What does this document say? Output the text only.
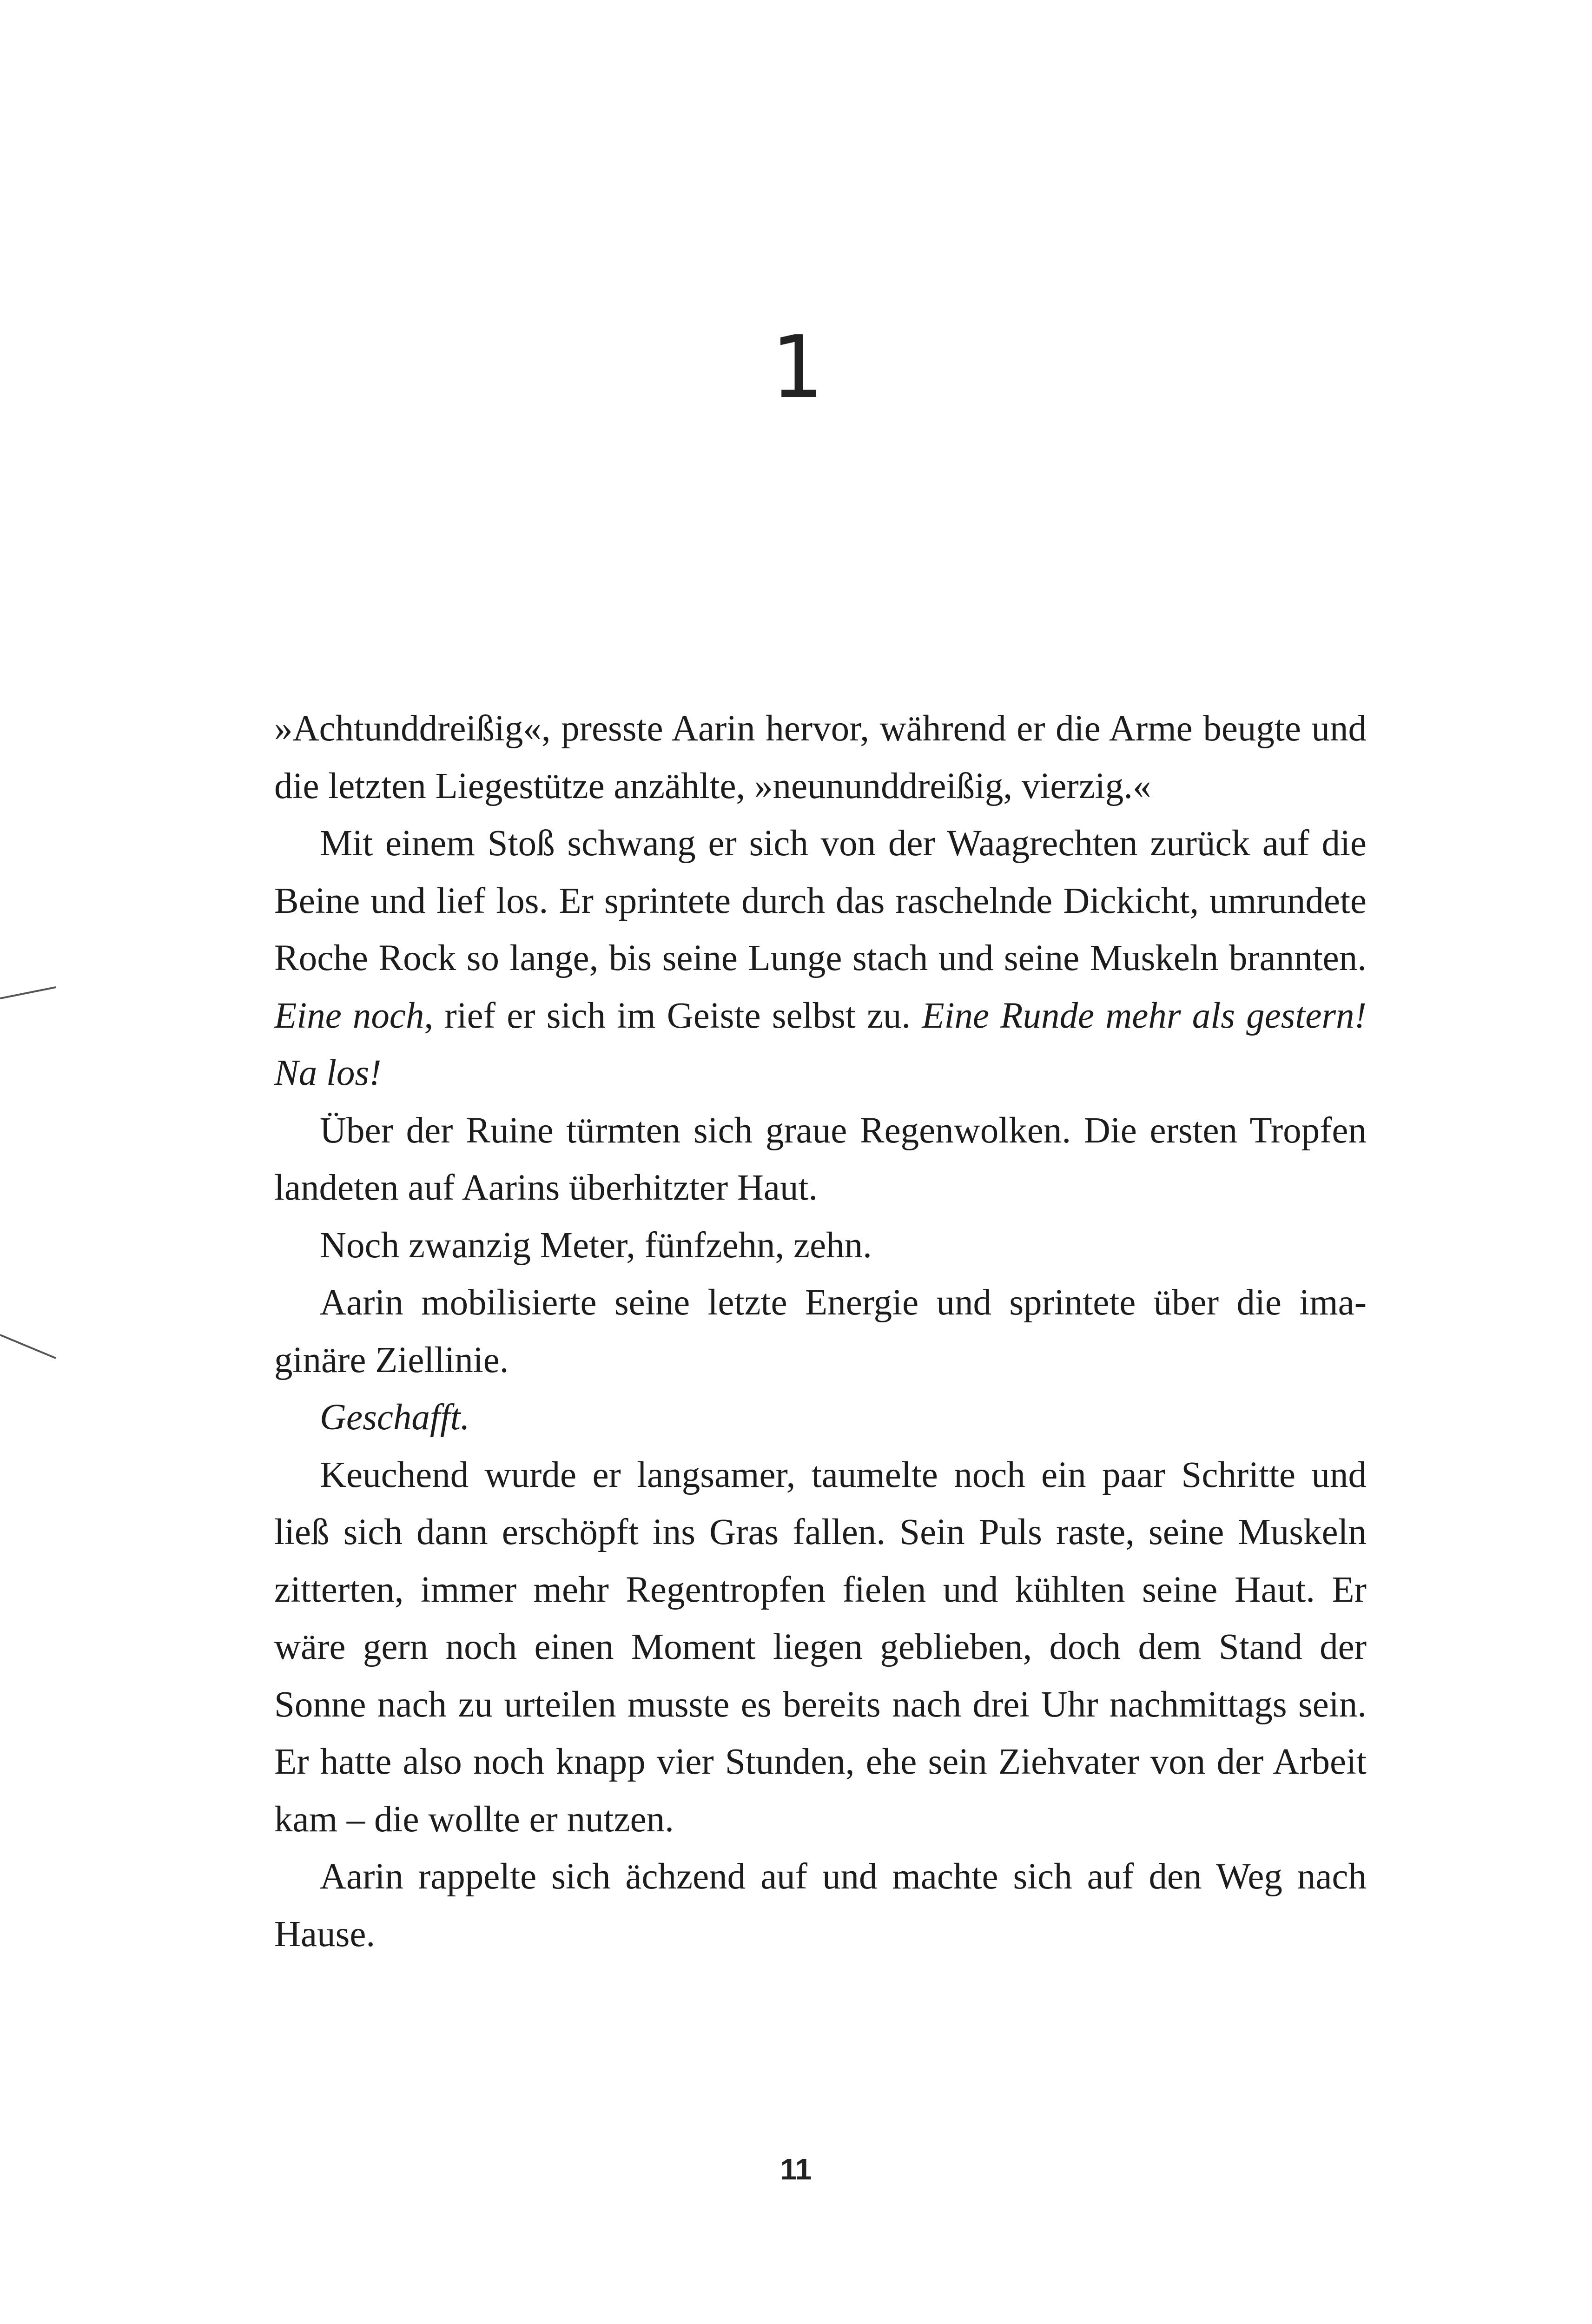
1

»Achtunddreißig«, presste Aarin hervor, während er die Arme beugte und die letzten Liegestütze anzählte, »neununddreißig, vierzig.«

Mit einem Stoß schwang er sich von der Waagrechten zurück auf die Beine und lief los. Er sprintete durch das raschelnde Dickicht, umrundete Roche Rock so lange, bis seine Lunge stach und seine Muskeln brannten. Eine noch, rief er sich im Geiste selbst zu. Eine Runde mehr als gestern! Na los!

Über der Ruine türmten sich graue Regenwolken. Die ersten Tropfen landeten auf Aarins überhitzter Haut.

Noch zwanzig Meter, fünfzehn, zehn.

Aarin mobilisierte seine letzte Energie und sprintete über die imaginäre Ziellinie.

Geschafft.

Keuchend wurde er langsamer, taumelte noch ein paar Schritte und ließ sich dann erschöpft ins Gras fallen. Sein Puls raste, seine Muskeln zitterten, immer mehr Regentropfen fielen und kühlten seine Haut. Er wäre gern noch einen Moment liegen geblieben, doch dem Stand der Sonne nach zu urteilen musste es bereits nach drei Uhr nachmittags sein. Er hatte also noch knapp vier Stunden, ehe sein Ziehvater von der Arbeit kam – die wollte er nutzen.

Aarin rappelte sich ächzend auf und machte sich auf den Weg nach Hause.

11
